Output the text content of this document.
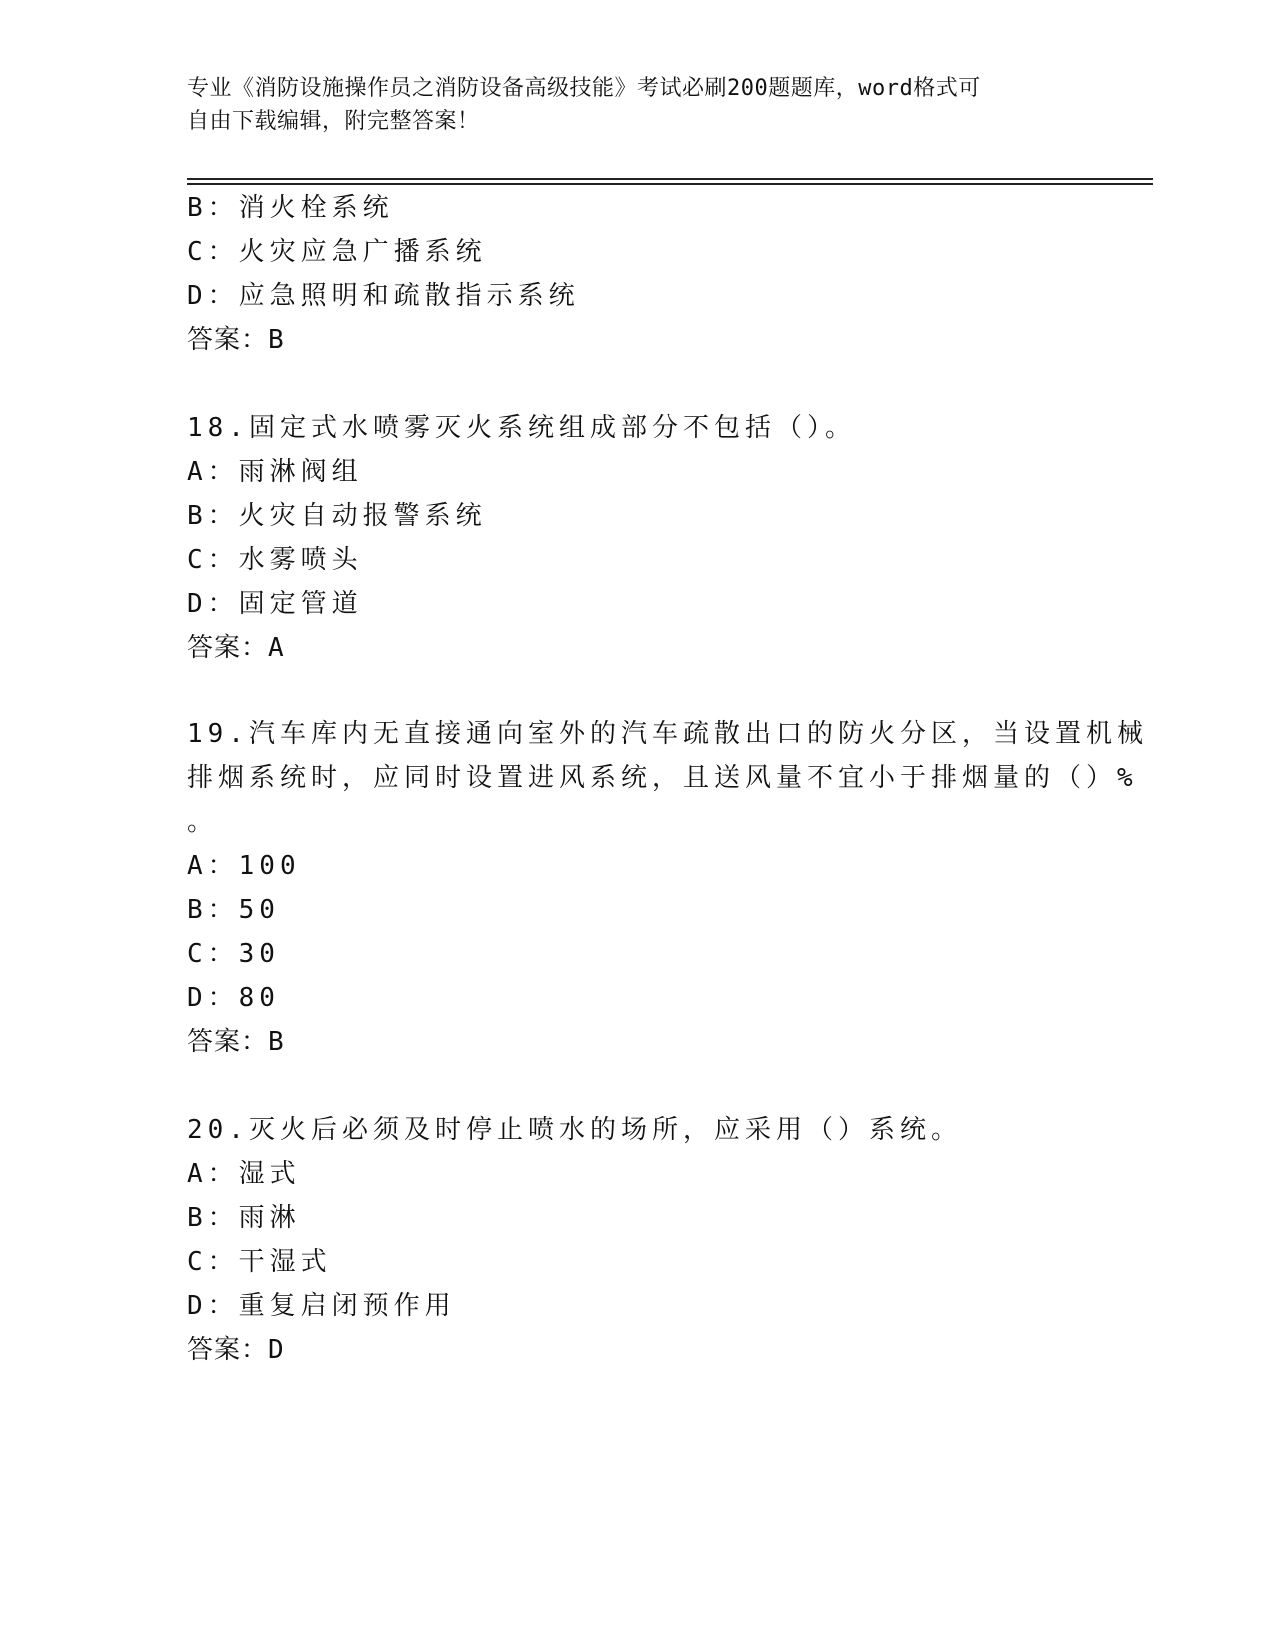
专业《消防设施操作员之消防设备高级技能》考试必刷200题题库，word格式可
自由下载编辑，附完整答案！
B：消火栓系统
C：火灾应急广播系统
D：应急照明和疏散指示系统
答案：B
18.固定式水喷雾灭火系统组成部分不包括（）。
A：雨淋阀组
B：火灾自动报警系统
C：水雾喷头
D：固定管道
答案：A
19.汽车库内无直接通向室外的汽车疏散出口的防火分区，当设置机械
排烟系统时，应同时设置进风系统，且送风量不宜小于排烟量的（）%
。
A：100
B：50
C：30
D：80
答案：B
20.灭火后必须及时停止喷水的场所，应采用（）系统。
A：湿式
B：雨淋
C：干湿式
D：重复启闭预作用
答案：D
